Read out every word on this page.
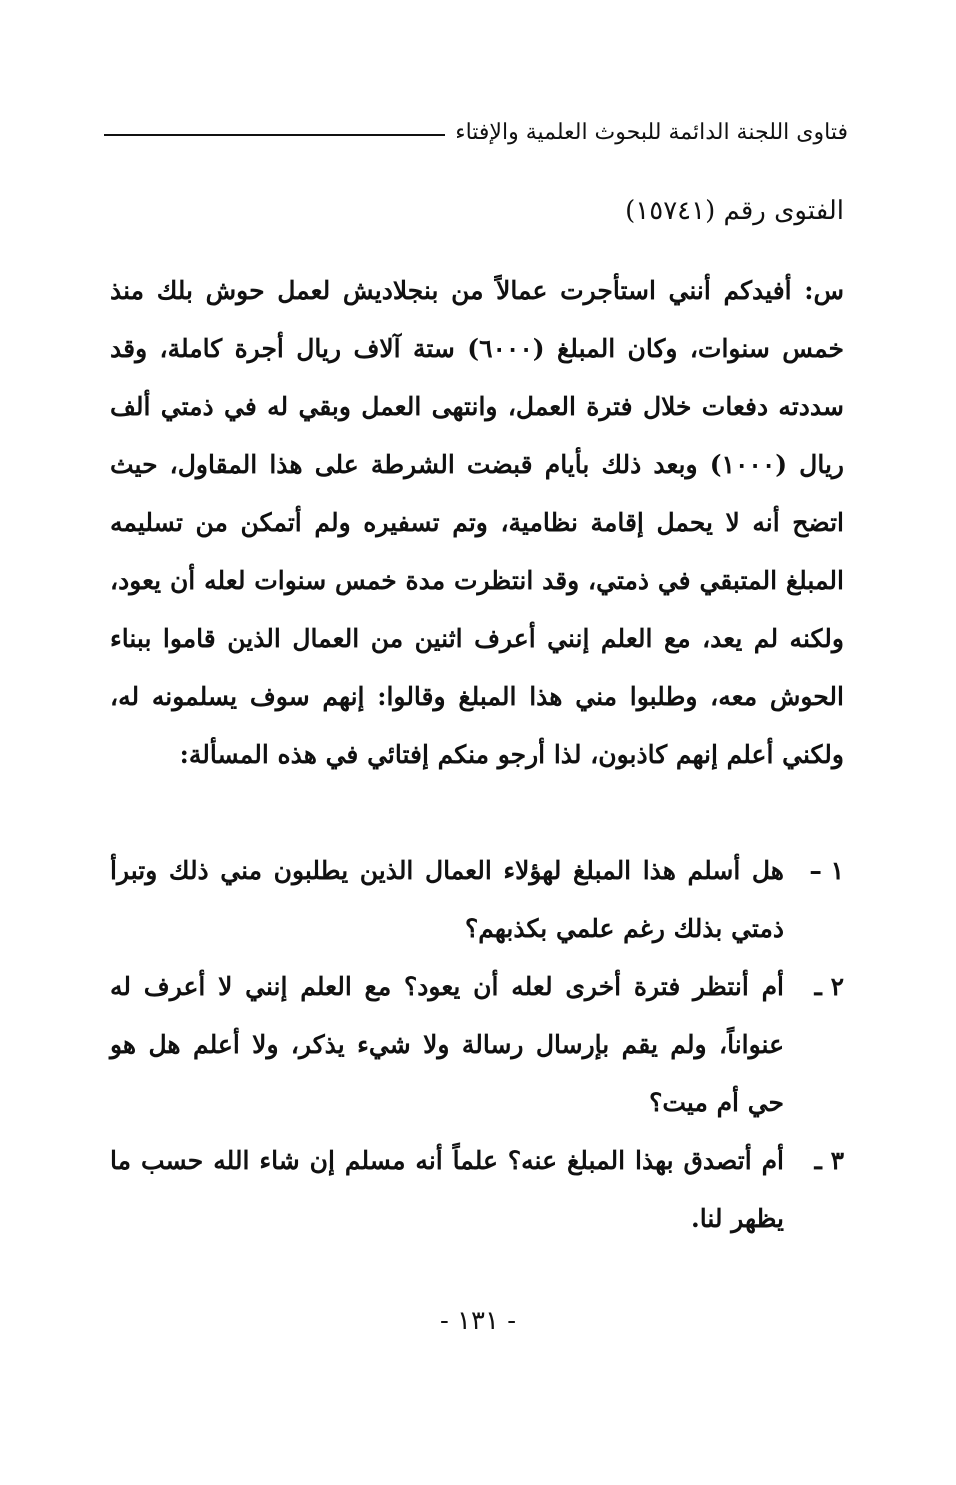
فتاوى اللجنة الدائمة للبحوث العلمية والإفتاء
الفتوى رقم (١٥٧٤١)

س: أفيدكم أنني استأجرت عمالاً من بنجلاديش لعمل حوش بلك منذ خمس سنوات، وكان المبلغ (٦٠٠٠) ستة آلاف ريال أجرة كاملة، وقد سددته دفعات خلال فترة العمل، وانتهى العمل وبقي له في ذمتي ألف ريال (١٠٠٠) وبعد ذلك بأيام قبضت الشرطة على هذا المقاول، حيث اتضح أنه لا يحمل إقامة نظامية، وتم تسفيره ولم أتمكن من تسليمه المبلغ المتبقي في ذمتي، وقد انتظرت مدة خمس سنوات لعله أن يعود، ولكنه لم يعد، مع العلم إنني أعرف اثنين من العمال الذين قاموا ببناء الحوش معه، وطلبوا مني هذا المبلغ وقالوا: إنهم سوف يسلمونه له، ولكني أعلم إنهم كاذبون، لذا أرجو منكم إفتائي في هذه المسألة:

١ –
هل أسلم هذا المبلغ لهؤلاء العمال الذين يطلبون مني ذلك وتبرأ ذمتي بذلك رغم علمي بكذبهم؟
٢ ـ
أم أنتظر فترة أخرى لعله أن يعود؟ مع العلم إنني لا أعرف له عنواناً، ولم يقم بإرسال رسالة ولا شيء يذكر، ولا أعلم هل هو حي أم ميت؟
٣ ـ
أم أتصدق بهذا المبلغ عنه؟ علماً أنه مسلم إن شاء الله حسب ما يظهر لنا.
- ١٣١ -
